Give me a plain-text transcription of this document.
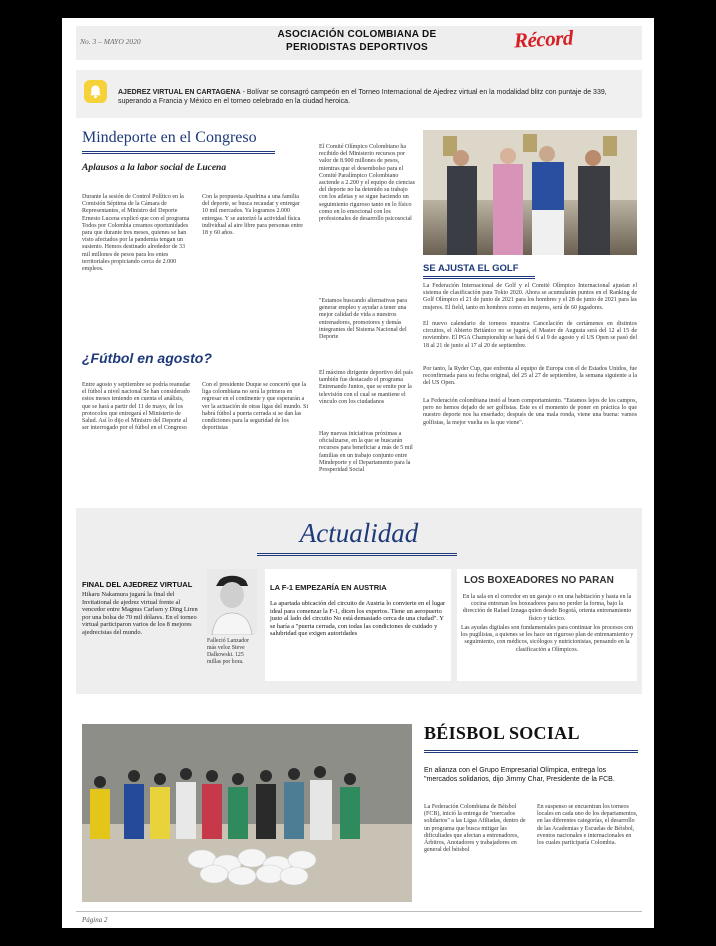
No. 3 – MAYO 2020
ASOCIACIÓN COLOMBIANA DE
PERIODISTAS DEPORTIVOS	Récord
AJEDREZ VIRTUAL EN CARTAGENA - Bolívar se consagró campeón en el Torneo Internacional de Ajedrez virtual en la modalidad blitz con puntaje de 339, superando a Francia y México en el torneo celebrado en la ciudad heroica.
Mindeporte en el Congreso
Aplausos a la labor social de Lucena
Durante la sesión de Control Político en la Comisión Séptima de la Cámara de Representantes, el Ministro del Deporte Ernesto Lucena explicó que con el programa Todos por Colombia creamos oportunidades para que durante tres meses, quienes se han visto afectados por la pandemia tengan un sustento. Hemos destinado alrededor de 33 mil millones de pesos para los entes territoriales propiciando cerca de 2.000 empleos.
Con la propuesta Apadrina a una familia del deporte, se busca recaudar y entregar 10 mil mercados. Ya logramos 2.000 entregas. Y se autorizó la actividad física individual al aire libre para personas entre 18 y 60 años.
El Comité Olímpico Colombiano ha recibido del Ministerio recursos por valor de 8.900 millones de pesos, mientras que el desembolso para el Comité Paralímpico Colombiano asciende a 2.200 y el equipo de ciencias del deporte no ha detenido su trabajo con los atletas y se sigue haciendo un seguimiento riguroso tanto en lo físico como en lo emocional con los profesionales de desarrollo psicosocial
"Estamos buscando alternativas para generar empleo y ayudar a tener una mejor calidad de vida a nuestros entrenadores, promotores y demás integrantes del Sistema Nacional del Deporte
El máximo dirigente deportivo del país también fue destacado el programa Entrenando Juntos, que se emite por la televisión con el cual se mantiene el vínculo con los ciudadanos
Hay nuevas iniciativas próximas a oficializarse, en la que se buscarán recursos para beneficiar a más de 5 mil familias en un trabajo conjunto entre Mindeporte y el Departamento para la Prosperidad Social
¿Fútbol en agosto?
Entre agosto y septiembre se podría reanudar el fútbol a nivel nacional Se han considerado estos meses teniendo en cuenta el análisis, que se hará a partir del 11 de mayo, de los protocolos que entregará el Ministerio de Salud. Así lo dijo el Ministro del Deporte al ser interrogado por el fútbol en el Congreso
Con el presidente Duque se concertó que la liga colombiana no será la primera en regresar en el continente y que esperarán a ver la actuación de otras ligas del mundo. Si habrá fútbol a puerta cerrada si se dan las condiciones para la seguridad de los deportistas
SE AJUSTA EL GOLF
La Federación Internacional de Golf y el Comité Olímpico Internacional ajustan el sistema de clasificación para Tokio 2020. Ahora se acumularán puntos en el Ranking de Golf Olímpico el 21 de junio de 2021 para los hombres y el 28 de junio de 2021 para las mujeres. El field, tanto en hombres como en mujeres, será de 60 jugadores.
El nuevo calendario de torneos muestra Cancelación de certámenes en distintos circuitos, el Abierto Británico no se jugará, el Master de Augusta será del 12 al 15 de noviembre. El PGA Championship se hará del 6 al 9 de agosto y el US Open se pasó del 18 al 21 de junio al 17 al 20 de septiembre.
Por tanto, la Ryder Cup, que enfrenta al equipo de Europa con el de Estados Unidos, fue reconfirmada para su fecha original, del 25 al 27 de septiembre, la semana siguiente a la del US Open.
La Federación colombiana instó al buen comportamiento. "Estamos lejos de los campos, pero no hemos dejado de ser golfistas. Este es el momento de poner en práctica lo que nuestro deporte nos ha enseñado; después de una mala ronda, viene una buena: vamos golfistas, la mejor vuelta es la que viene".
Actualidad
FINAL DEL AJEDREZ VIRTUAL
Hikaru Nakamura jugará la final del Invitational de ajedrez virtual frente al vencedor entre Magnus Carlsen y Ding Liren por una bolsa de 70 mil dólares. En el torneo virtual participaron varios de los 8 mejores ajedrecistas del mundo.
Falleció Lanzador más veloz Steve Dalkowski. 125 millas por hora.
LA F-1 EMPEZARÍA EN AUSTRIA
La apartada ubicación del circuito de Austria lo convierte en el lugar ideal para comenzar la F-1, dicen los expertos. Tiene un aeropuerto justo al lado del circuito No está demasiado cerca de una ciudad". Y se haría a "puerta cerrada, con todas las condiciones de cuidado y salubridad que exigen autoridades
LOS BOXEADORES NO PARAN
En la sala en el corredor en un garaje o en una habitación y hasta en la cocina entrenan los boxeadores para no perder la forma, bajo la dirección de Rafael Iznaga quien desde Bogotá, orienta entrenamiento físico y táctico.
Las ayudas digitales son fundamentales para continuar los procesos con los pugilistas, a quienes se les hace un riguroso plan de entrenamiento y seguimiento, con médicos, sicólogos y nutricionistas, pensando en la clasificación a Olímpicos.
BÉISBOL SOCIAL
En alianza con el Grupo Empresarial Olímpica, entrega los "mercados solidarios, dijo Jimmy Char, Presidente de la FCB.
La Federación Colombiana de Béisbol (FCB), inició la entrega de "mercados solidarios" a las Ligas Afiliadas, dentro de un programa que busca mitigar las dificultades que afectan a entrenadores, Árbitros, Anotadores y trabajadores en general del béisbol
En suspenso se encuentran los torneos locales en cada uno de los departamentos, en las diferentes categorías, el desarrollo de las Academias y Escuelas de Béisbol, eventos nacionales e internacionales en los cuales participaría Colombia.
Página 2
